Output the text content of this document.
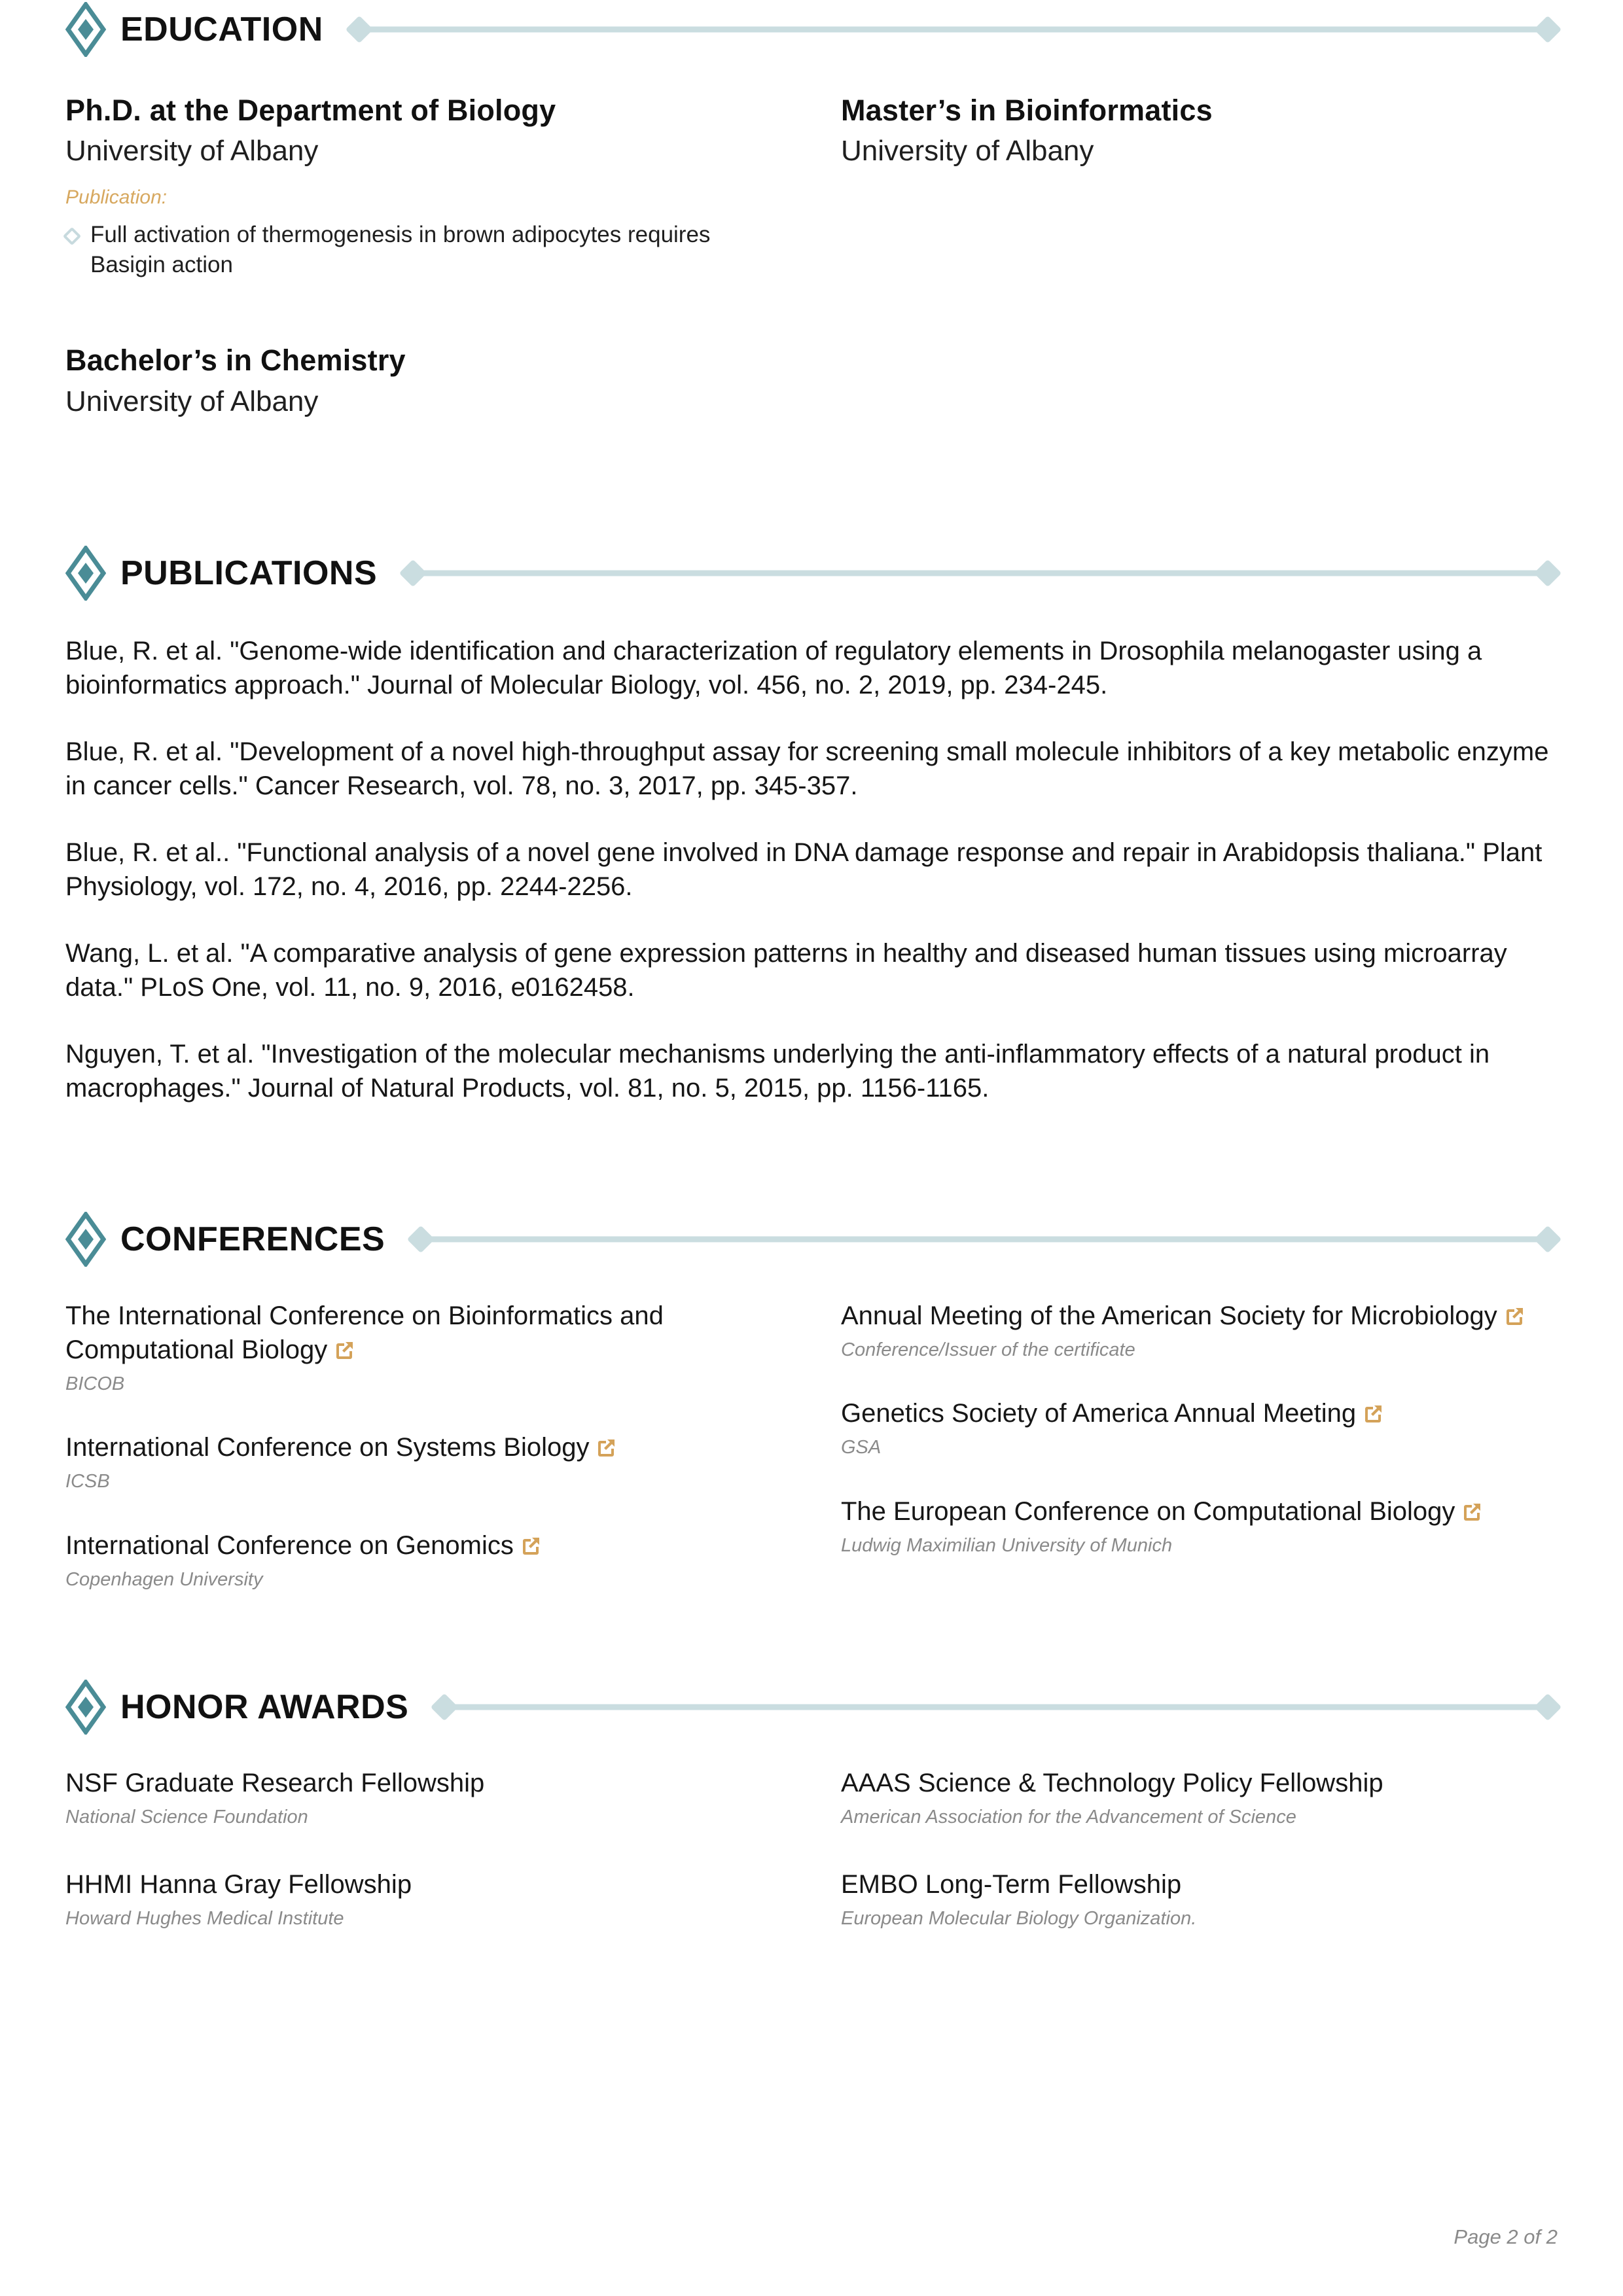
EDUCATION
Ph.D. at the Department of Biology
University of Albany
Publication:
Full activation of thermogenesis in brown adipocytes requires Basigin action
Bachelor’s in Chemistry
University of Albany
Master’s in Bioinformatics
University of Albany
PUBLICATIONS
Blue, R. et al. "Genome-wide identification and characterization of regulatory elements in Drosophila melanogaster using a bioinformatics approach." Journal of Molecular Biology, vol. 456, no. 2, 2019, pp. 234-245.
Blue, R. et al. "Development of a novel high-throughput assay for screening small molecule inhibitors of a key metabolic enzyme in cancer cells." Cancer Research, vol. 78, no. 3, 2017, pp. 345-357.
Blue, R. et al.. "Functional analysis of a novel gene involved in DNA damage response and repair in Arabidopsis thaliana." Plant Physiology, vol. 172, no. 4, 2016, pp. 2244-2256.
Wang, L. et al. "A comparative analysis of gene expression patterns in healthy and diseased human tissues using microarray data." PLoS One, vol. 11, no. 9, 2016, e0162458.
Nguyen, T. et al. "Investigation of the molecular mechanisms underlying the anti-inflammatory effects of a natural product in macrophages." Journal of Natural Products, vol. 81, no. 5, 2015, pp. 1156-1165.
CONFERENCES
The International Conference on Bioinformatics and Computational Biology
BICOB
International Conference on Systems Biology
ICSB
International Conference on Genomics
Copenhagen University
Annual Meeting of the American Society for Microbiology
Conference/Issuer of the certificate
Genetics Society of America Annual Meeting
GSA
The European Conference on Computational Biology
Ludwig Maximilian University of Munich
HONOR AWARDS
NSF Graduate Research Fellowship
National Science Foundation
HHMI Hanna Gray Fellowship
Howard Hughes Medical Institute
AAAS Science & Technology Policy Fellowship
American Association for the Advancement of Science
EMBO Long-Term Fellowship
European Molecular Biology Organization.
Page 2 of 2
